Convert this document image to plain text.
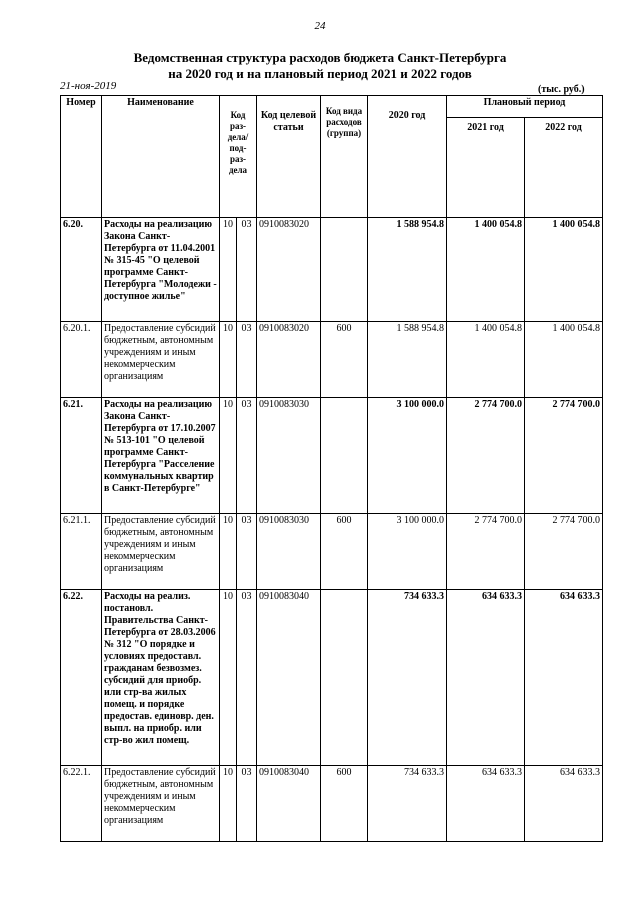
24
Ведомственная структура расходов бюджета Санкт-Петербурга
на 2020 год и на плановый период 2021 и 2022 годов
21-ноя-2019	(тыс. руб.)
Номер	Наименование	Код раз-дела/ под-раз-дела		Код целевой статьи	Код вида расходов (группа)	2020 год	Плановый период	
							2021 год	2022 год
6.20.	Расходы на реализацию Закона Санкт-Петербурга от 11.04.2001 № 315-45 "О целевой программе Санкт-Петербурга "Молодежи - доступное жилье"	10	03	0910083020		1 588 954.8	1 400 054.8	1 400 054.8
6.20.1.	Предоставление субсидий бюджетным, автономным учреждениям и иным некоммерческим организациям	10	03	0910083020	600	1 588 954.8	1 400 054.8	1 400 054.8
6.21.	Расходы на реализацию Закона Санкт-Петербурга от 17.10.2007 № 513-101 "О целевой программе Санкт-Петербурга "Расселение коммунальных квартир в Санкт-Петербурге"	10	03	0910083030		3 100 000.0	2 774 700.0	2 774 700.0
6.21.1.	Предоставление субсидий бюджетным, автономным учреждениям и иным некоммерческим организациям	10	03	0910083030	600	3 100 000.0	2 774 700.0	2 774 700.0
6.22.	Расходы на реализ. постановл. Правительства Санкт-Петербурга от 28.03.2006 № 312 "О порядке и условиях предоставл. гражданам безвозмез. субсидий для приобр. или стр-ва жилых помещ. и порядке предостав. единовр. ден. выпл. на приобр. или стр-во жил помещ.	10	03	0910083040		734 633.3	634 633.3	634 633.3
6.22.1.	Предоставление субсидий бюджетным, автономным учреждениям и иным некоммерческим организациям	10	03	0910083040	600	734 633.3	634 633.3	634 633.3
